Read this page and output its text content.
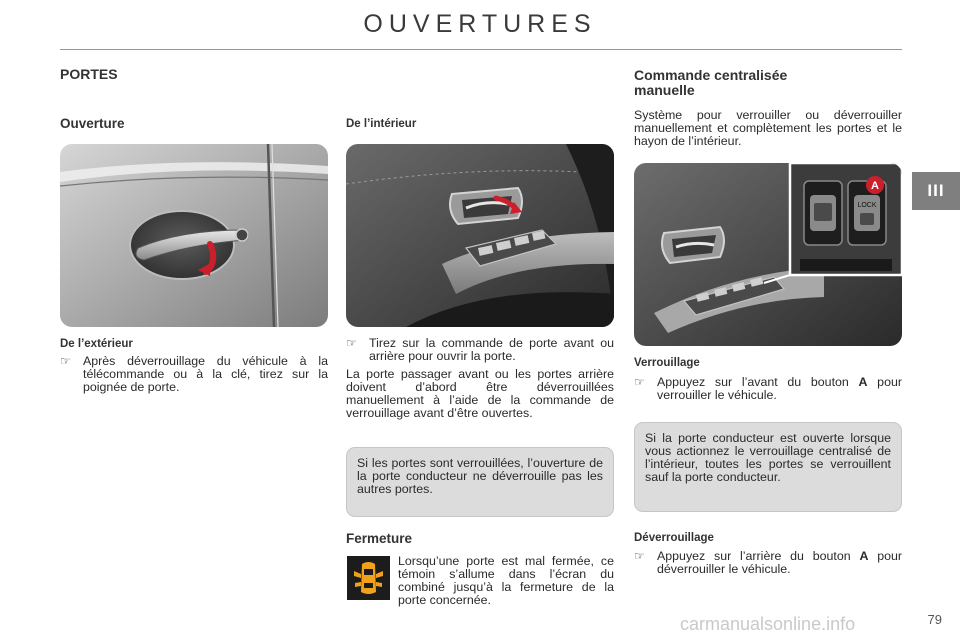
OUVERTURES
III
PORTES
Ouverture
De l’extérieur
☞ Après déverrouillage du véhicule à la télécommande ou à la clé, tirez sur la poignée de porte.
De l’intérieur
☞ Tirez sur la commande de porte avant ou arrière pour ouvrir la porte.
La porte passager avant ou les portes arrière doivent d’abord être déverrouillées manuellement à l’aide de la commande de verrouillage avant d’être ouvertes.
Si les portes sont verrouillées, l’ouverture de la porte conducteur ne déverrouille pas les autres portes.
Fermeture
Lorsqu’une porte est mal fermée, ce témoin s’allume dans l’écran du combiné jusqu’à la fermeture de la porte concernée.
Commande centralisée
manuelle
Système pour verrouiller ou déverrouiller manuellement et complètement les portes et le hayon de l’intérieur.
LOCK
A
Verrouillage
☞ Appuyez sur l’avant du bouton A pour verrouiller le véhicule.
Si la porte conducteur est ouverte lorsque vous actionnez le verrouillage centralisé de l’intérieur, toutes les portes se verrouillent sauf la porte conducteur.
Déverrouillage
☞ Appuyez sur l’arrière du bouton A pour déverrouiller le véhicule.
carmanualsonline.info	79
